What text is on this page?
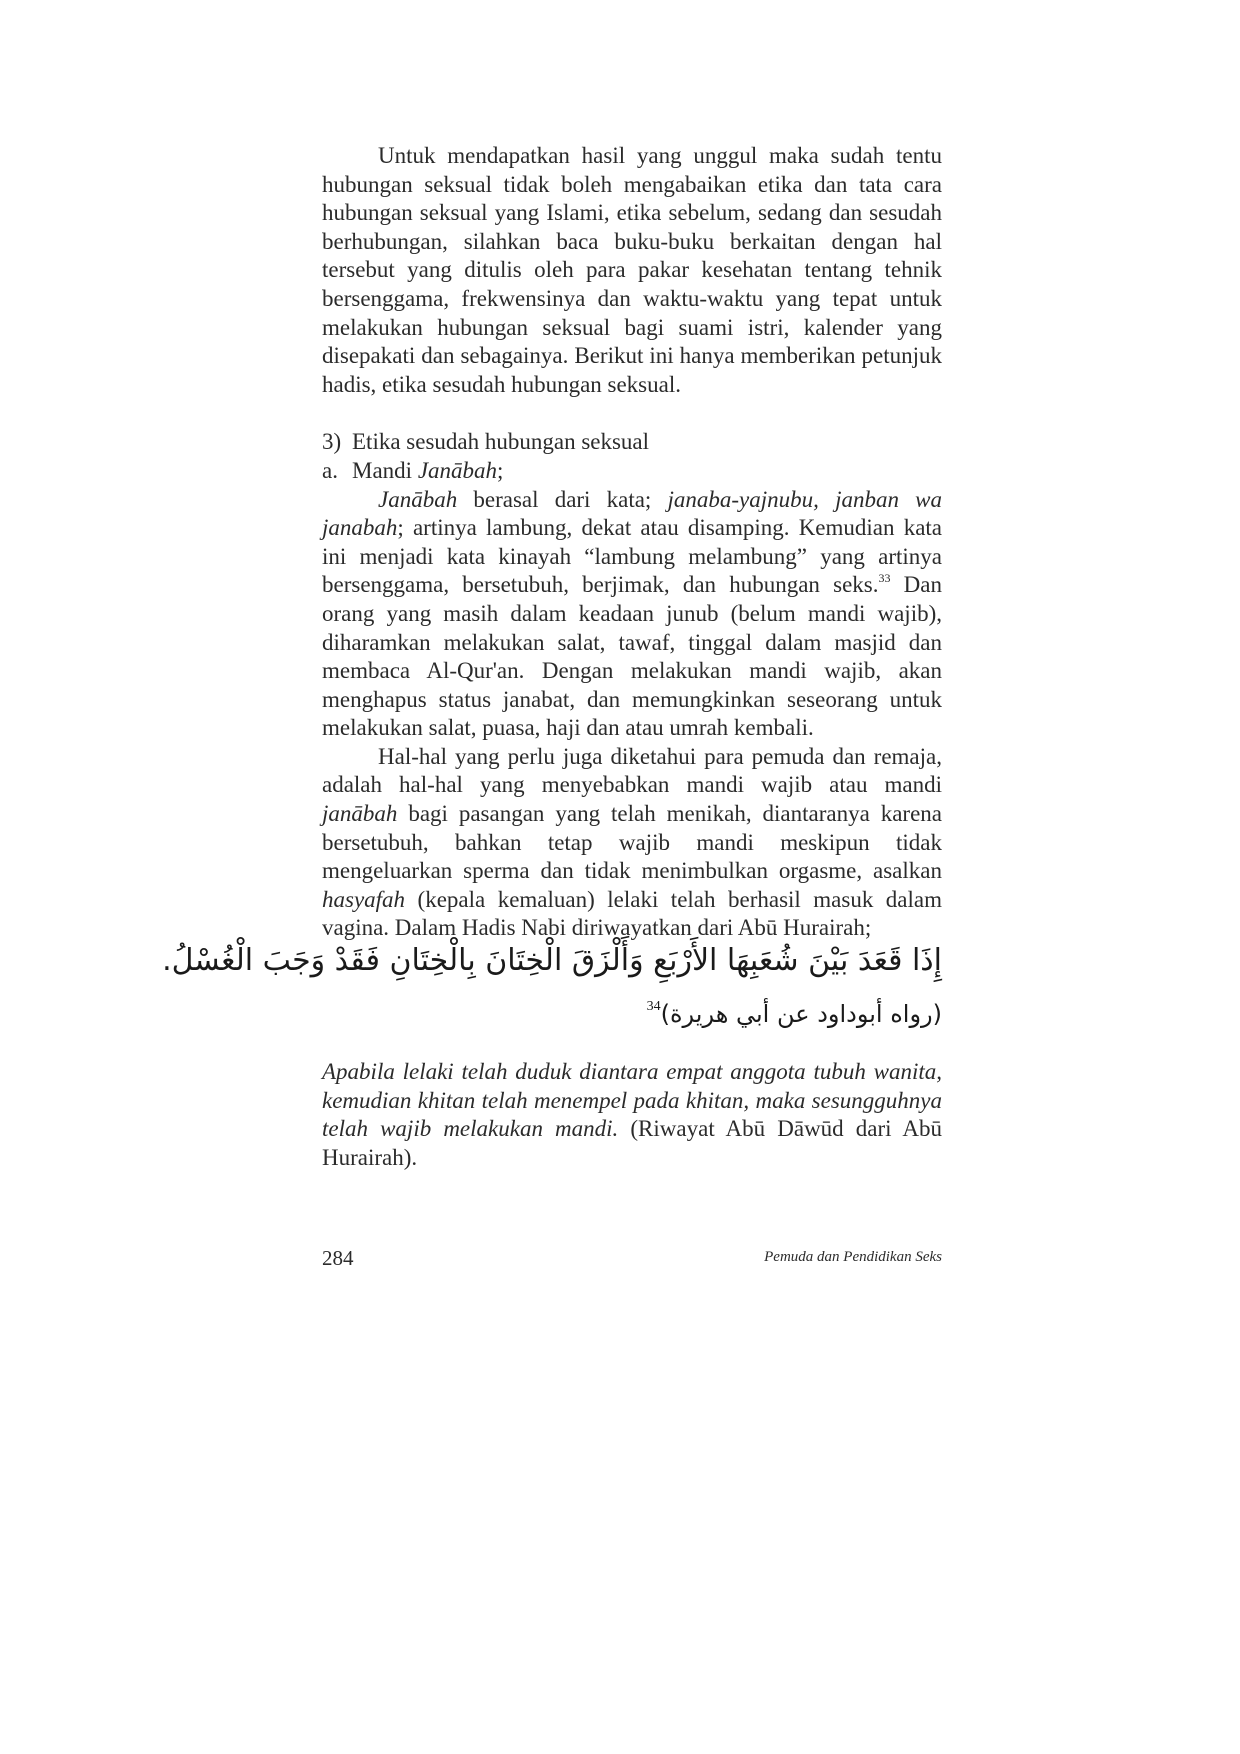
Untuk mendapatkan hasil yang unggul maka sudah tentu hubungan seksual tidak boleh mengabaikan etika dan tata cara hubungan seksual yang Islami, etika sebelum, sedang dan sesudah berhubungan, silahkan baca buku-buku berkaitan dengan hal tersebut yang ditulis oleh para pakar kesehatan tentang tehnik bersenggama, frekwensinya dan waktu-waktu yang tepat untuk melakukan hubungan seksual bagi suami istri, kalender yang disepakati dan sebagainya. Berikut ini hanya memberikan petunjuk hadis, etika sesudah hubungan seksual.

3) Etika sesudah hubungan seksual

a. Mandi Janābah;

Janābah berasal dari kata; janaba-yajnubu, janban wa janabah; artinya lambung, dekat atau disamping. Kemudian kata ini menjadi kata kinayah “lambung melambung” yang artinya bersenggama, bersetubuh, berjimak, dan hubungan seks.$^{33}$ Dan orang yang masih dalam keadaan junub (belum mandi wajib), diharamkan melakukan salat, tawaf, tinggal dalam masjid dan membaca Al-Qur'an. Dengan melakukan mandi wajib, akan menghapus status janabat, dan memungkinkan seseorang untuk melakukan salat, puasa, haji dan atau umrah kembali.

Hal-hal yang perlu juga diketahui para pemuda dan remaja, adalah hal-hal yang menyebabkan mandi wajib atau mandi janābah bagi pasangan yang telah menikah, diantaranya karena bersetubuh, bahkan tetap wajib mandi meskipun tidak mengeluarkan sperma dan tidak menimbulkan orgasme, asalkan hasyafah (kepala kemaluan) lelaki telah berhasil masuk dalam vagina. Dalam Hadis Nabi diriwayatkan dari Abū Hurairah;

إِذَا قَعَدَ بَيْنَ شُعَبِهَا الأَرْبَعِ وَأَلْزَقَ الْخِتَانَ بِالْخِتَانِ فَقَدْ وَجَبَ الْغُسْلُ.
(رواه أبوداود عن أبي هريرة)$^{34}$

Apabila lelaki telah duduk diantara empat anggota tubuh wanita, kemudian khitan telah menempel pada khitan, maka sesungguhnya telah wajib melakukan mandi. (Riwayat Abū Dāwūd dari Abū Hurairah).

284	Pemuda dan Pendidikan Seks
